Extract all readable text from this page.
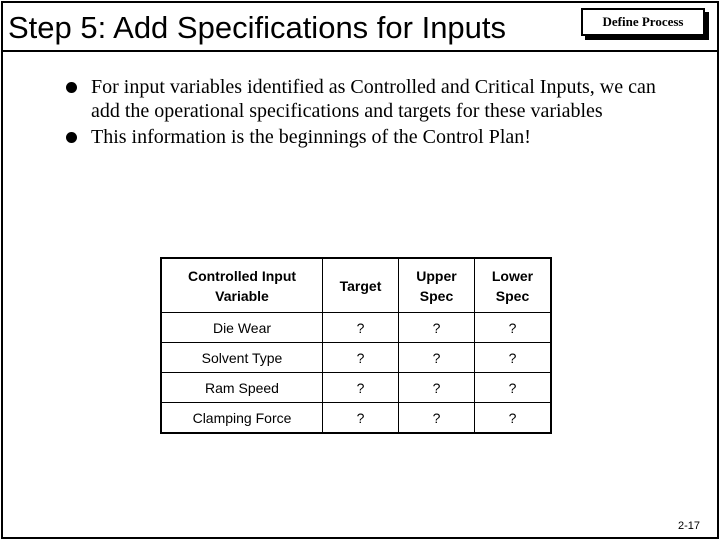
Step 5: Add Specifications for Inputs	Define Process
For input variables identified as Controlled and Critical Inputs, we can add the operational specifications and targets for these variables
This information is the beginnings of the Control Plan!
Controlled Input Variable	Target	Upper Spec	Lower Spec
Die Wear	?	?	?
Solvent Type	?	?	?
Ram Speed	?	?	?
Clamping Force	?	?	?
2-17
